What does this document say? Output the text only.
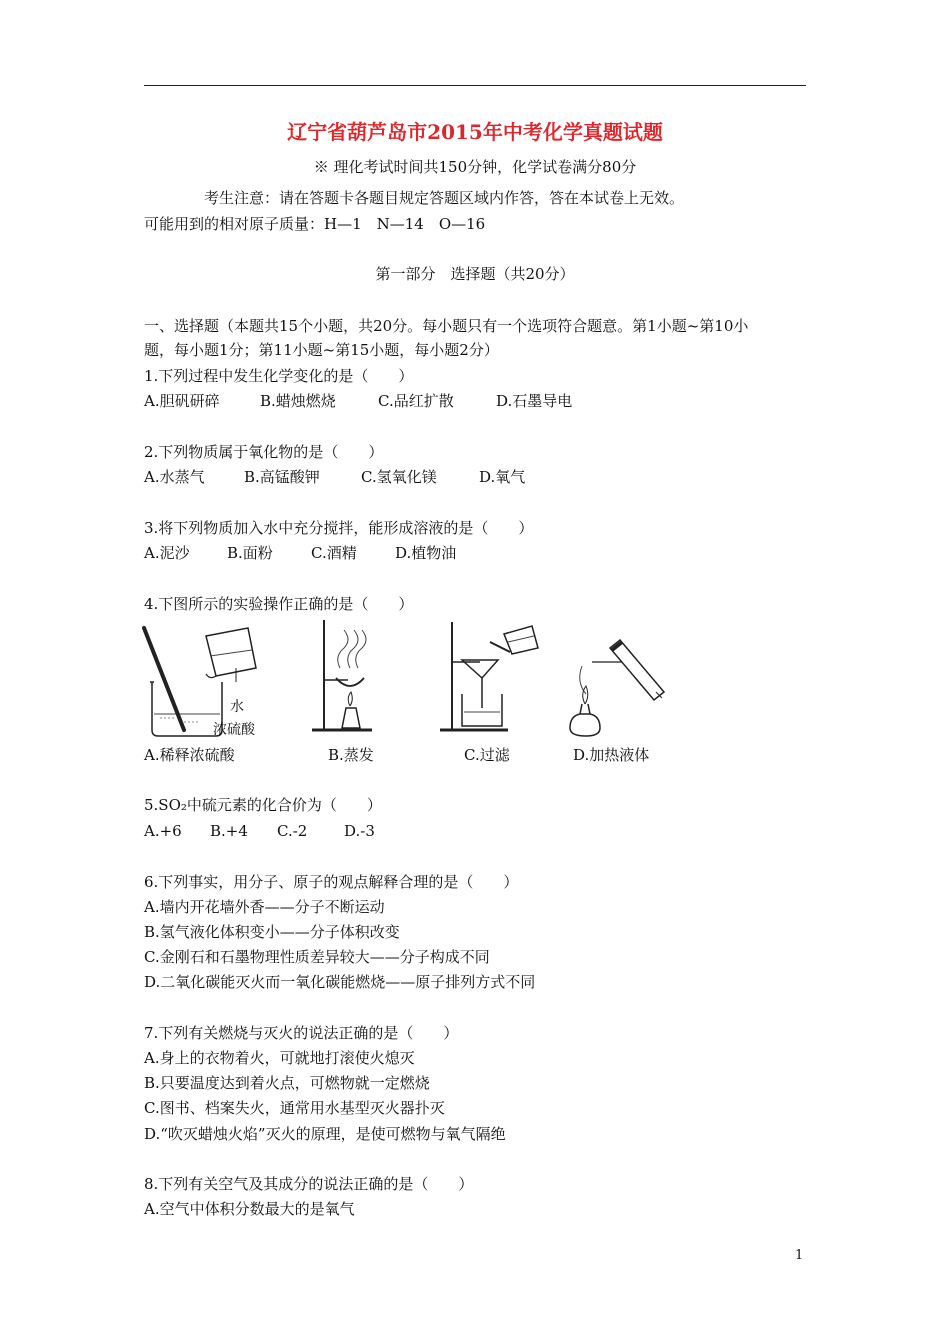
辽宁省葫芦岛市2015年中考化学真题试题
※ 理化考试时间共150分钟，化学试卷满分80分
考生注意：请在答题卡各题目规定答题区域内作答，答在本试卷上无效。
可能用到的相对原子质量：H—1　N—14　O—16
第一部分　选择题（共20分）
一、选择题（本题共15个小题，共20分。每小题只有一个选项符合题意。第1小题~第10小
题，每小题1分；第11小题~第15小题，每小题2分）
1.下列过程中发生化学变化的是（　　）
A.胆矾研碎	B.蜡烛燃烧	C.品红扩散	D.石墨导电
2.下列物质属于氧化物的是（　　）
A.水蒸气	B.高锰酸钾	C.氢氧化镁	D.氧气
3.将下列物质加入水中充分搅拌，能形成溶液的是（　　）
A.泥沙 B.面粉	C.酒精	D.植物油
4.下图所示的实验操作正确的是（　　）
水
浓硫酸
A.稀释浓硫酸	B.蒸发	C.过滤	D.加热液体
5.SO₂中硫元素的化合价为（　　）
A.+6 B.+4 C.-2 D.-3
6.下列事实，用分子、原子的观点解释合理的是（　　）
A.墙内开花墙外香——分子不断运动
B.氢气液化体积变小——分子体积改变
C.金刚石和石墨物理性质差异较大——分子构成不同
D.二氧化碳能灭火而一氧化碳能燃烧——原子排列方式不同
7.下列有关燃烧与灭火的说法正确的是（　　）
A.身上的衣物着火，可就地打滚使火熄灭
B.只要温度达到着火点，可燃物就一定燃烧
C.图书、档案失火，通常用水基型灭火器扑灭
D.“吹灭蜡烛火焰”灭火的原理，是使可燃物与氧气隔绝
8.下列有关空气及其成分的说法正确的是（　　）
A.空气中体积分数最大的是氧气
1
